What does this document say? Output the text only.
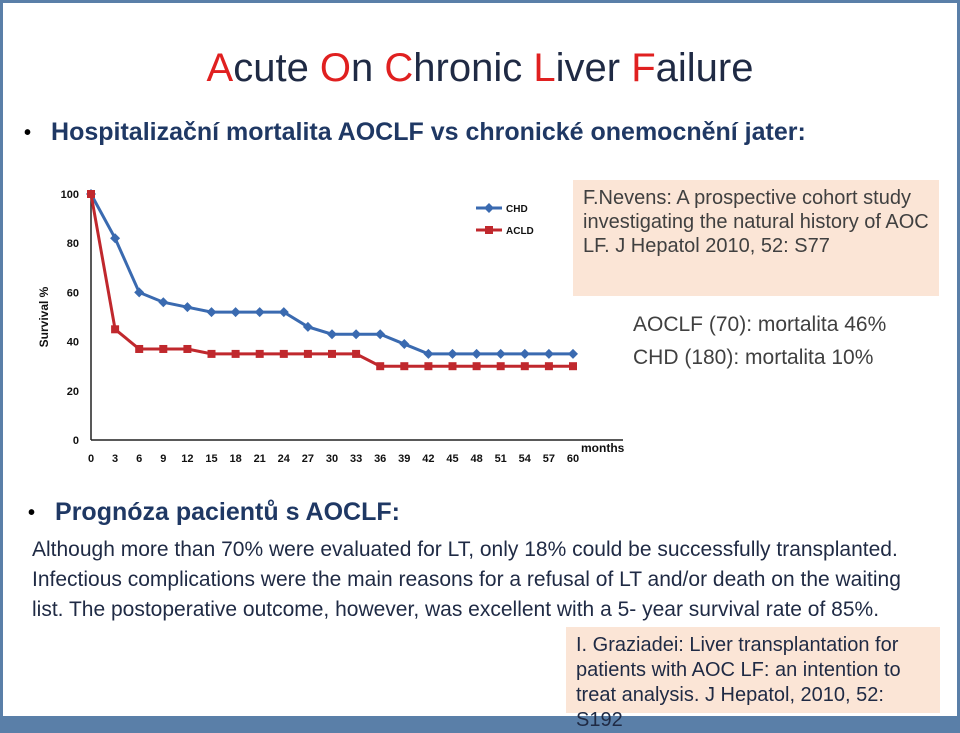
Acute On Chronic Liver Failure
• Hospitalizační mortalita AOCLF vs chronické onemocnění jater:
0
20
40
60
80
100
0 3 6 9 12 15 18 21 24 27 30 33 36 39 42 45 48 51 54 57 60
Survival %
months
CHD
ACLD
F.Nevens: A prospective cohort study investigating the natural history of AOC LF. J Hepatol 2010, 52: S77
AOCLF (70): mortalita 46%
CHD (180): mortalita 10%
• Prognóza pacientů s AOCLF:
Although more than 70% were evaluated for LT, only 18% could be successfully transplanted. Infectious complications were the main reasons for a refusal of LT and/or death on the waiting list. The postoperative outcome, however, was excellent with a 5- year survival rate of 85%.
I. Graziadei: Liver transplantation for patients with AOC LF: an intention to treat analysis. J Hepatol, 2010, 52: S192
